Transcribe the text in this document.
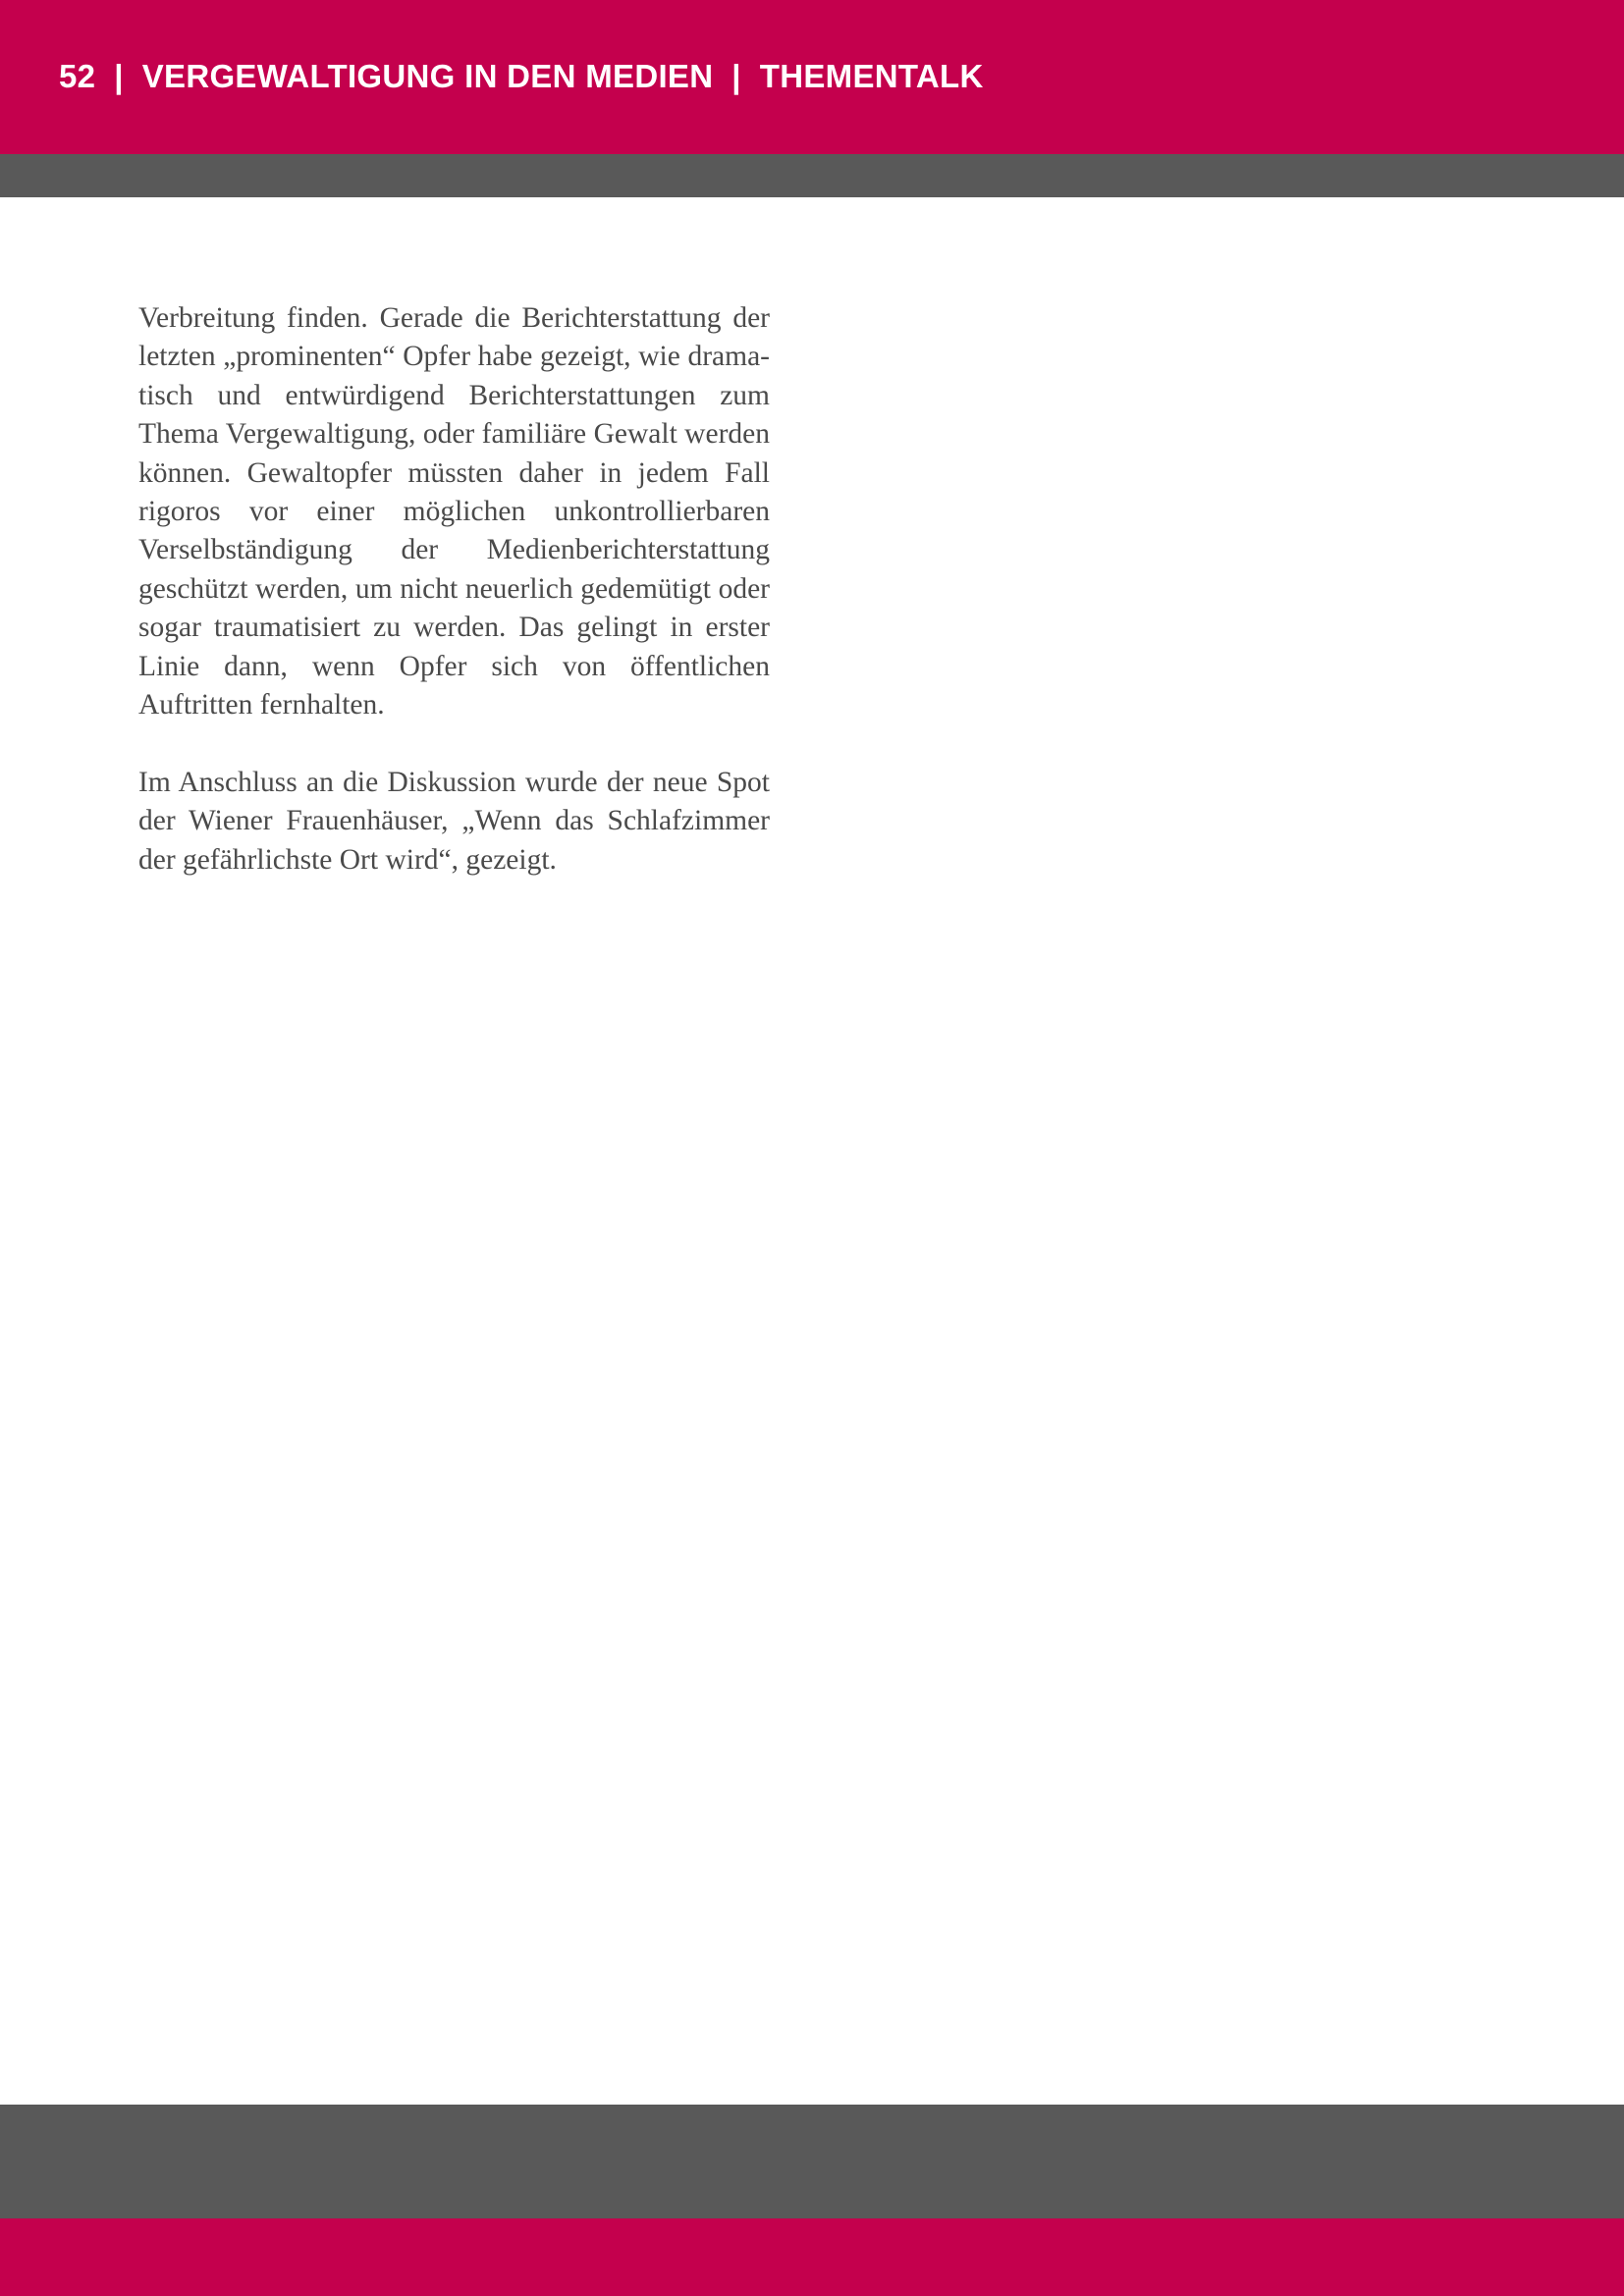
52  |  VERGEWALTIGUNG IN DEN MEDIEN  |  THEMENTALK

Verbreitung finden. Gerade die Berichterstattung der letzten „prominenten“ Opfer habe gezeigt, wie dramatisch und entwürdigend Berichterstattungen zum Thema Vergewaltigung, oder familiäre Gewalt werden können. Gewaltopfer müssten daher in jedem Fall rigoros vor einer möglichen unkontrollierbaren Verselbständigung der Medienberichterstattung geschützt werden, um nicht neuerlich gedemütigt oder sogar traumatisiert zu werden. Das gelingt in erster Linie dann, wenn Opfer sich von öffentlichen Auftritten fernhalten.

Im Anschluss an die Diskussion wurde der neue Spot der Wiener Frauenhäuser, „Wenn das Schlafzimmer der gefährlichste Ort wird“, gezeigt.
